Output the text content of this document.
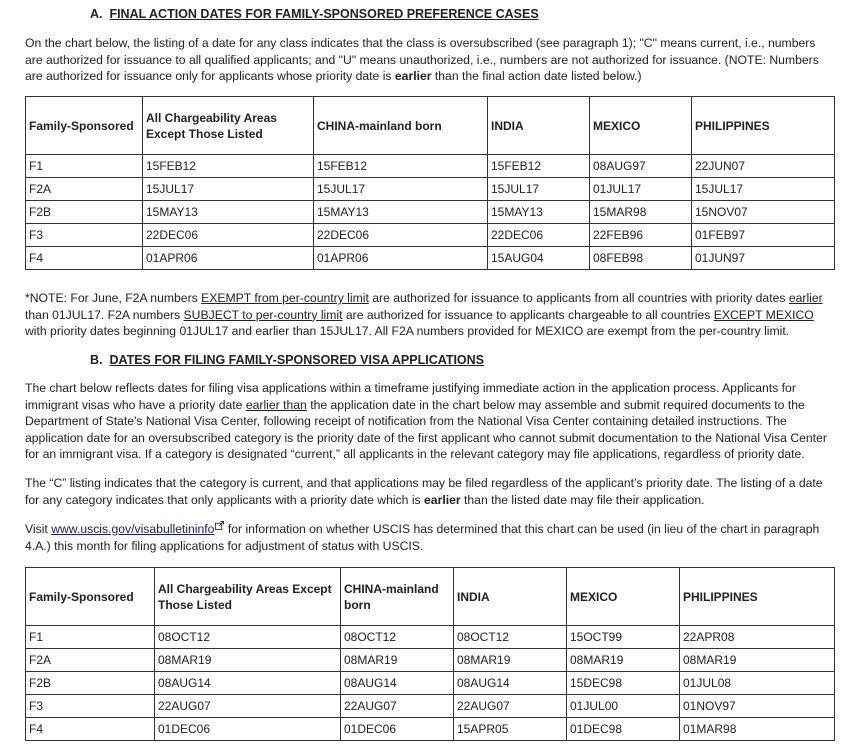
A. FINAL ACTION DATES FOR FAMILY-SPONSORED PREFERENCE CASES

On the chart below, the listing of a date for any class indicates that the class is oversubscribed (see paragraph 1); "C" means current, i.e., numbers are authorized for issuance to all qualified applicants; and "U" means unauthorized, i.e., numbers are not authorized for issuance. (NOTE: Numbers are authorized for issuance only for applicants whose priority date is earlier than the final action date listed below.)

Family-Sponsored	All Chargeability Areas Except Those Listed	CHINA-mainland born	INDIA	MEXICO	PHILIPPINES
F1	15FEB12	15FEB12	15FEB12	08AUG97	22JUN07
F2A	15JUL17	15JUL17	15JUL17	01JUL17	15JUL17
F2B	15MAY13	15MAY13	15MAY13	15MAR98	15NOV07
F3	22DEC06	22DEC06	22DEC06	22FEB96	01FEB97
F4	01APR06	01APR06	15AUG04	08FEB98	01JUN97

*NOTE: For June, F2A numbers EXEMPT from per-country limit are authorized for issuance to applicants from all countries with priority dates earlier than 01JUL17. F2A numbers SUBJECT to per-country limit are authorized for issuance to applicants chargeable to all countries EXCEPT MEXICO with priority dates beginning 01JUL17 and earlier than 15JUL17. All F2A numbers provided for MEXICO are exempt from the per-country limit.

B. DATES FOR FILING FAMILY-SPONSORED VISA APPLICATIONS

The chart below reflects dates for filing visa applications within a timeframe justifying immediate action in the application process. Applicants for immigrant visas who have a priority date earlier than the application date in the chart below may assemble and submit required documents to the Department of State's National Visa Center, following receipt of notification from the National Visa Center containing detailed instructions. The application date for an oversubscribed category is the priority date of the first applicant who cannot submit documentation to the National Visa Center for an immigrant visa. If a category is designated “current,” all applicants in the relevant category may file applications, regardless of priority date.

The “C” listing indicates that the category is current, and that applications may be filed regardless of the applicant’s priority date. The listing of a date for any category indicates that only applicants with a priority date which is earlier than the listed date may file their application.

Visit www.uscis.gov/visabulletininfo for information on whether USCIS has determined that this chart can be used (in lieu of the chart in paragraph 4.A.) this month for filing applications for adjustment of status with USCIS.

Family-Sponsored	All Chargeability Areas Except Those Listed	CHINA-mainland born	INDIA	MEXICO	PHILIPPINES
F1	08OCT12	08OCT12	08OCT12	15OCT99	22APR08
F2A	08MAR19	08MAR19	08MAR19	08MAR19	08MAR19
F2B	08AUG14	08AUG14	08AUG14	15DEC98	01JUL08
F3	22AUG07	22AUG07	22AUG07	01JUL00	01NOV97
F4	01DEC06	01DEC06	15APR05	01DEC98	01MAR98
